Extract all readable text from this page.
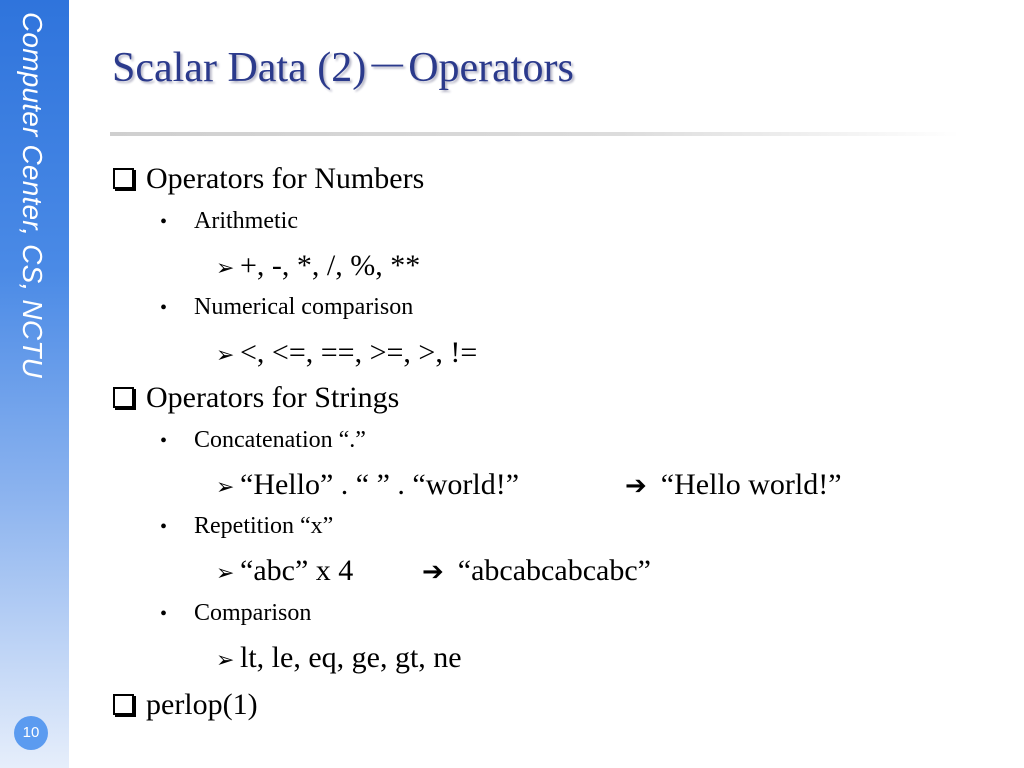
Computer Center, CS, NCTU
10
Scalar Data (2)－Operators
Operators for Numbers
• Arithmetic
➢ +, -, *, /, %, **
• Numerical comparison
➢ <, <=, ==, >=, >, !=
Operators for Strings
• Concatenation “.”
➢ “Hello” . “ ” . “world!”	➔ “Hello world!”
• Repetition “x”
➢ “abc” x 4	➔ “abcabcabcabc”
• Comparison
➢ lt, le, eq, ge, gt, ne
perlop(1)
